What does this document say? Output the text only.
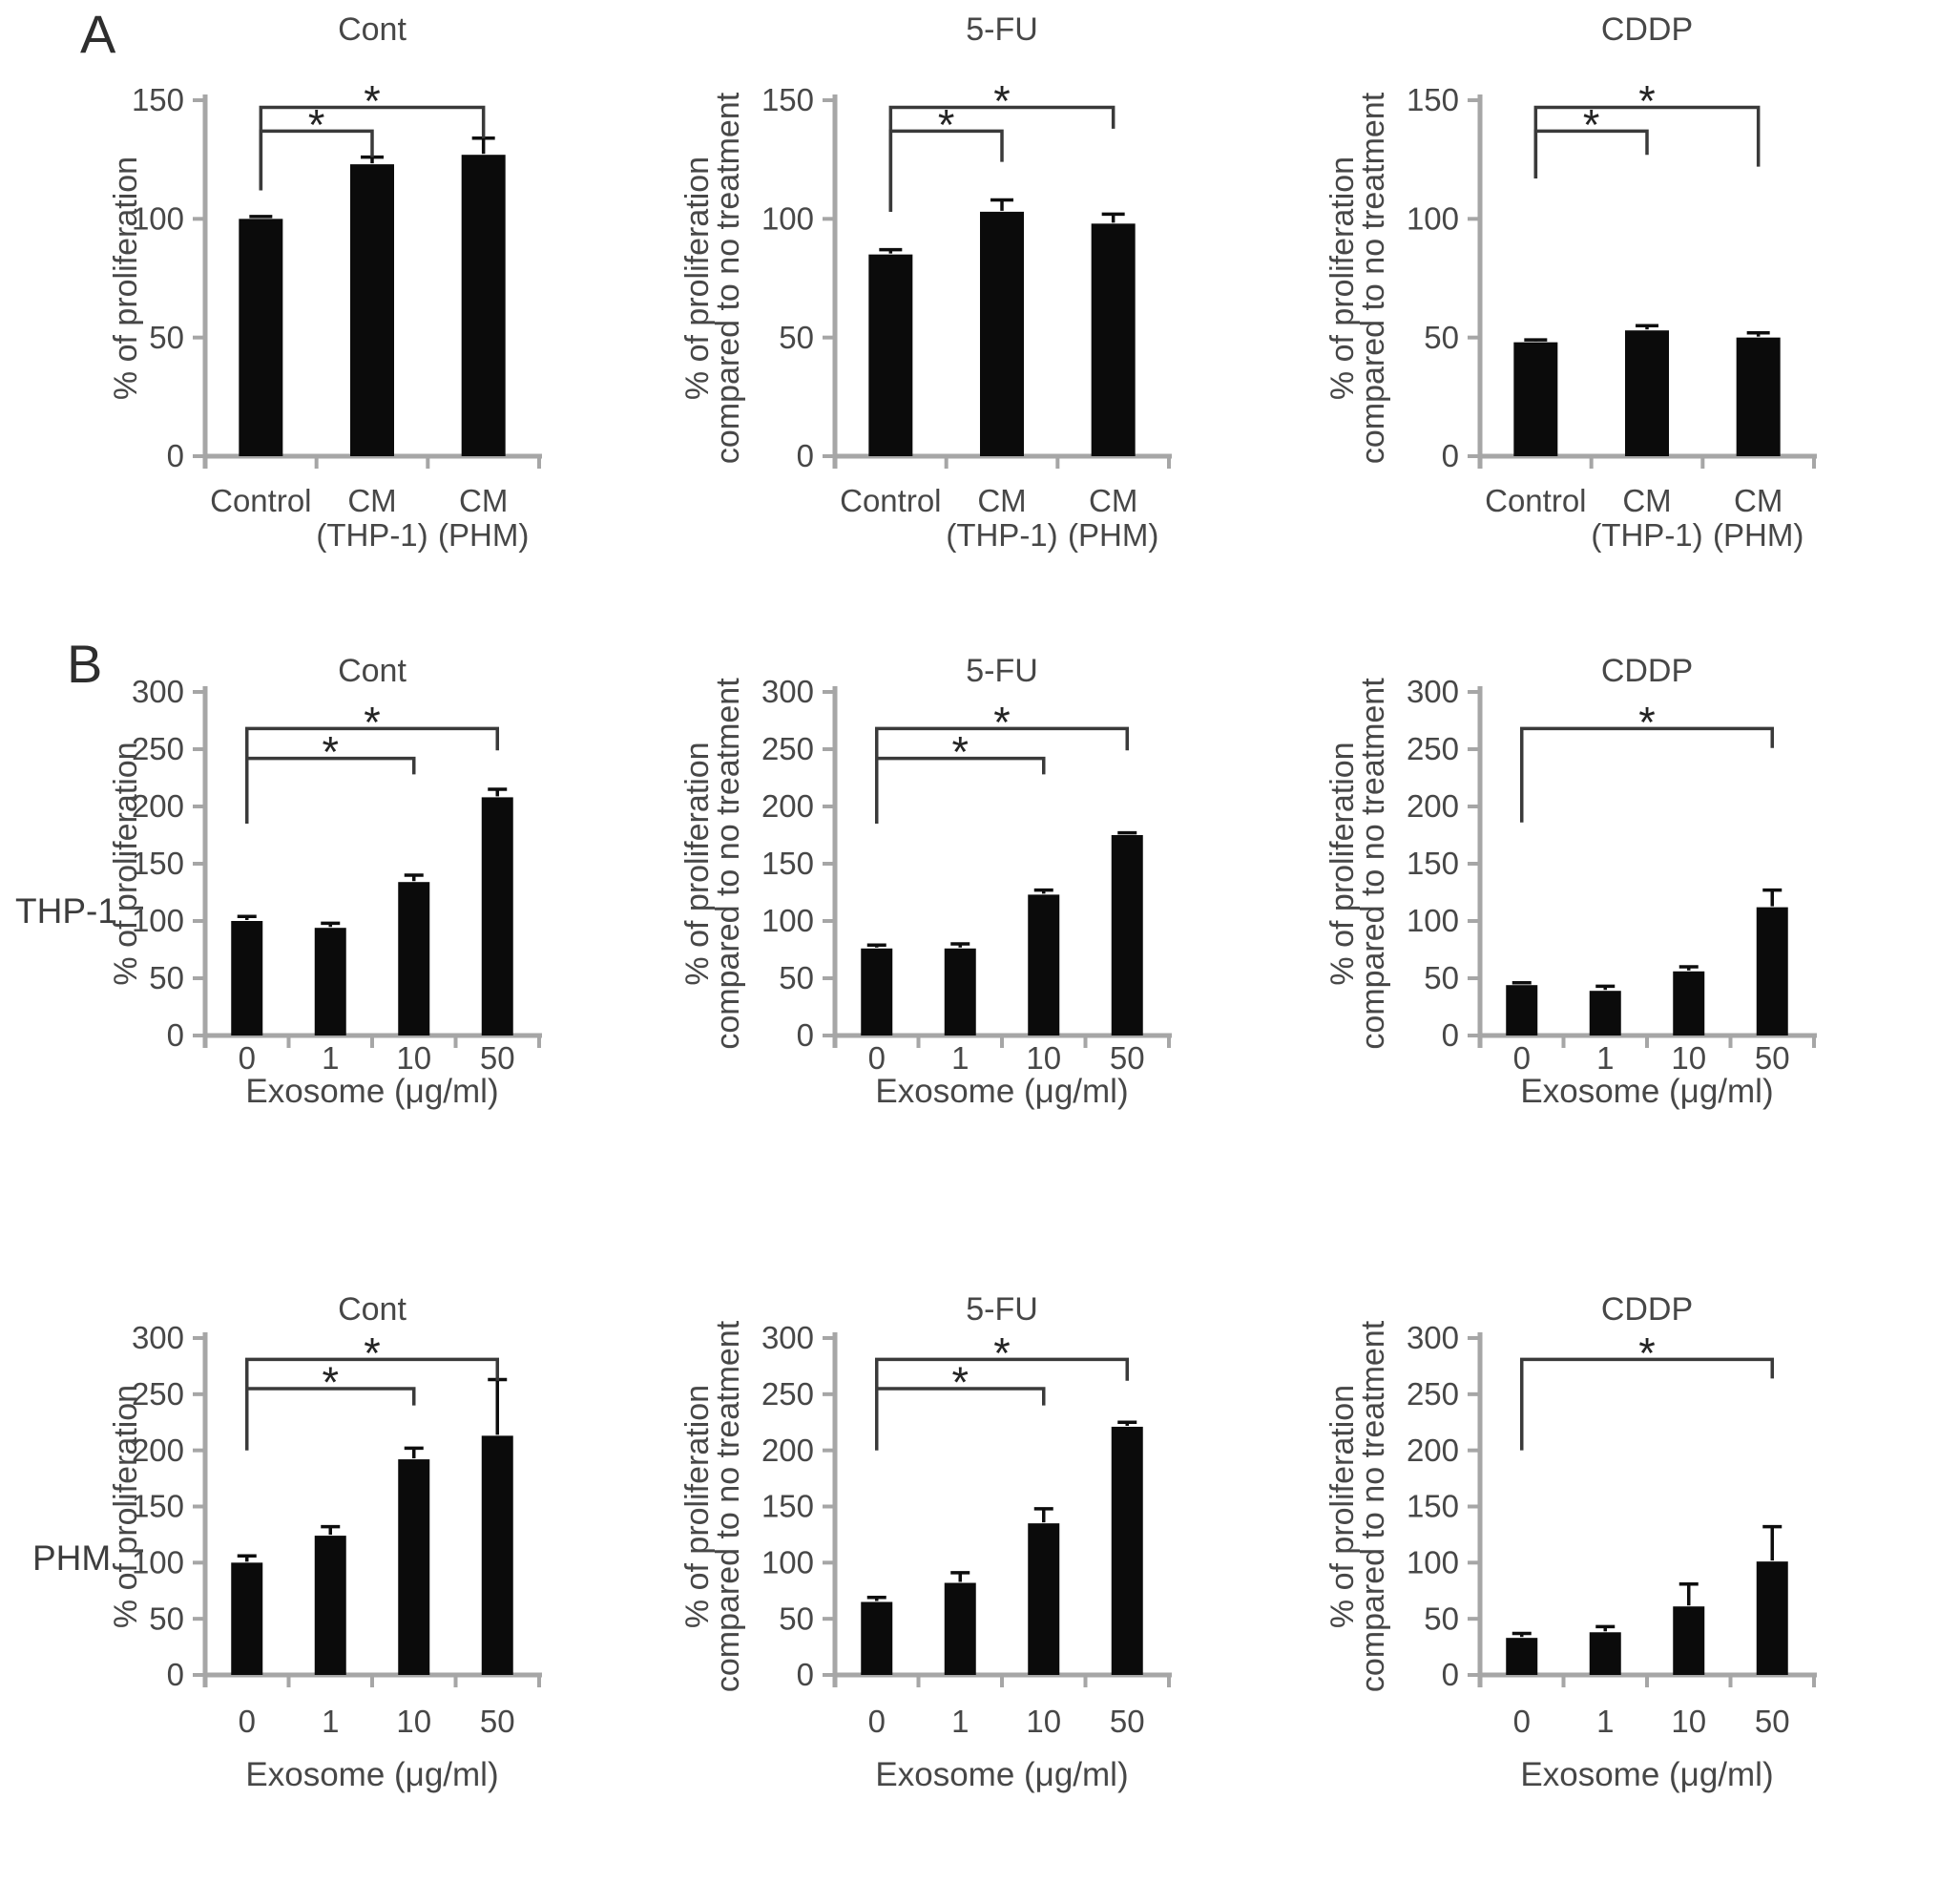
A
B
THP-1
PHM
0
50
100
150
Cont
% of proliferation
* *
Control CM
(THP-1)
CM
(PHM)
0
50
100
150
5-FU
% of proliferation
compared to no treatment	* *
Control CM
(THP-1)
CM
(PHM)
0
50
100
150
CDDP
% of proliferation
compared to no treatment	* *
Control CM
(THP-1)
CM
(PHM)
0
50
100
150
200
250
300
Cont
% of proliferation	*
*
0 1 10 50
Exosome (μg/ml)
0
50
100
150
200
250
300
5-FU
% of proliferation
compared to no treatment	*
*
0 1 10 50
Exosome (μg/ml)
0
50
100
150
200
250
300
CDDP
% of proliferation
compared to no treatment	*
0 1 10 50
Exosome (μg/ml)
0
50
100
150
200
250
300
Cont
% of proliferation
*
*
0 1 10 50
Exosome (μg/ml)
0
50
100
150
200
250
300
5-FU
% of proliferation
compared to no treatment	*
*
0 1 10 50
Exosome (μg/ml)
0
50
100
150
200
250
300
CDDP
% of proliferation
compared to no treatment	*
0 1 10 50
Exosome (μg/ml)
